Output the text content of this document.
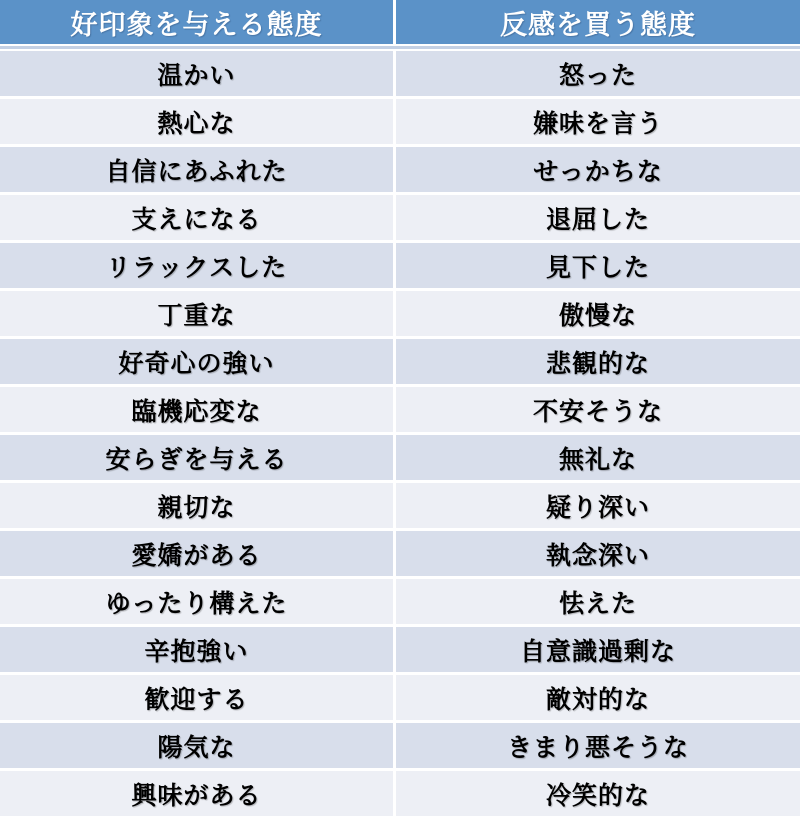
好印象を与える態度	反感を買う態度
温かい	怒った
熱心な	嫌味を言う
自信にあふれた	せっかちな
支えになる	退屈した
リラックスした	見下した
丁重な	傲慢な
好奇心の強い	悲観的な
臨機応変な	不安そうな
安らぎを与える	無礼な
親切な	疑り深い
愛嬌がある	執念深い
ゆったり構えた	怯えた
辛抱強い	自意識過剰な
歓迎する	敵対的な
陽気な	きまり悪そうな
興味がある	冷笑的な
